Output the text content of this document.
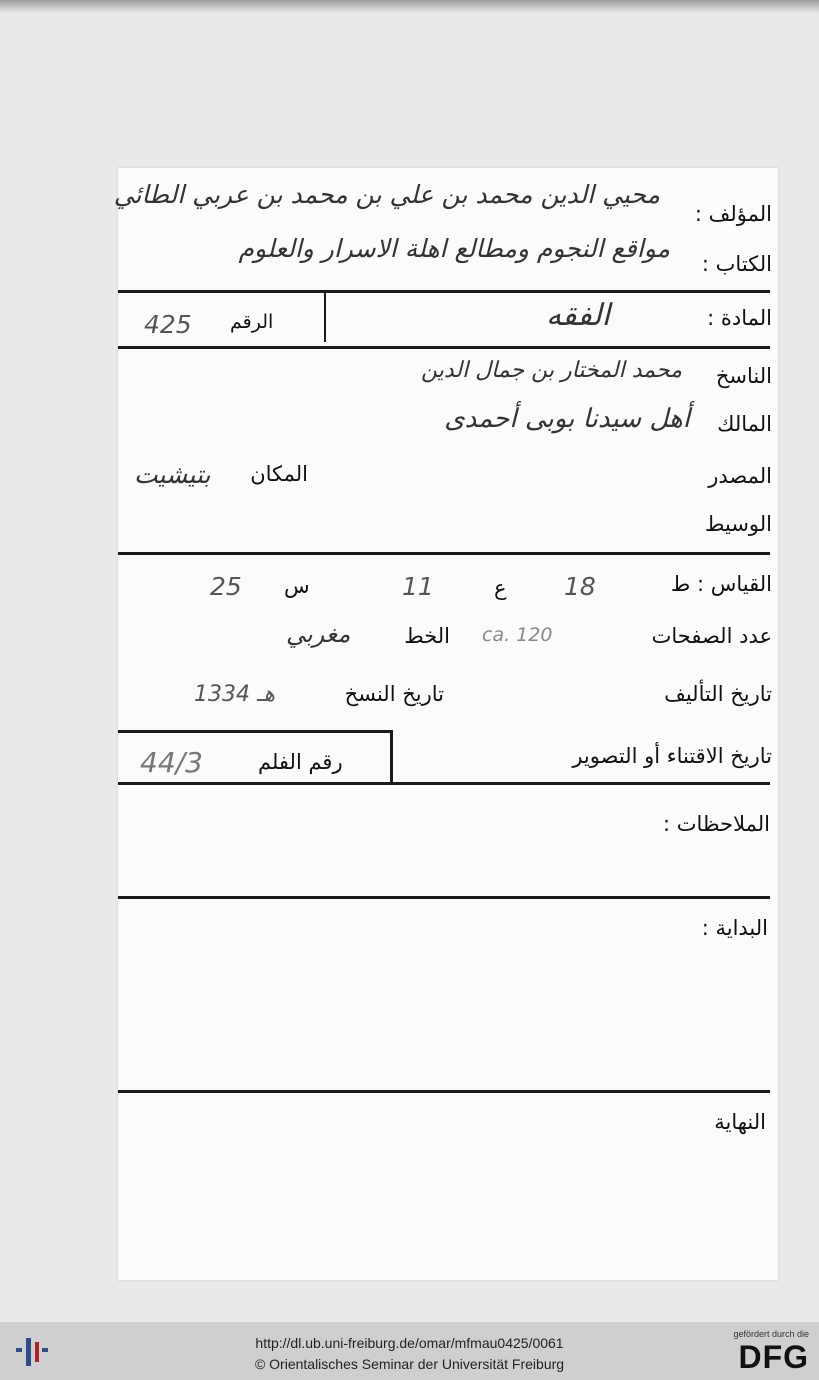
المؤلف :
محيي الدين محمد بن علي بن محمد بن عربي الطائي
الكتاب :
مواقع النجوم ومطالع اهلة الاسرار والعلوم
المادة :
الفقه
الرقم
425
الناسخ
محمد المختار بن جمال الدين
المالك
أهل سيدنا بوبى أحمدى
المصدر
المكان
بتيشيت
الوسيط
القياس : ط
18
ع
11
س
25
عدد الصفحات
ca. 120
الخط
مغربي
تاريخ التأليف
تاريخ النسخ
1334 هـ
تاريخ الاقتناء أو التصوير
رقم الفلم
44/3
الملاحظات :
البداية :
النهاية
http://dl.ub.uni-freiburg.de/omar/mfmau0425/0061
© Orientalisches Seminar der Universität Freiburg
gefördert durch die
DFG
